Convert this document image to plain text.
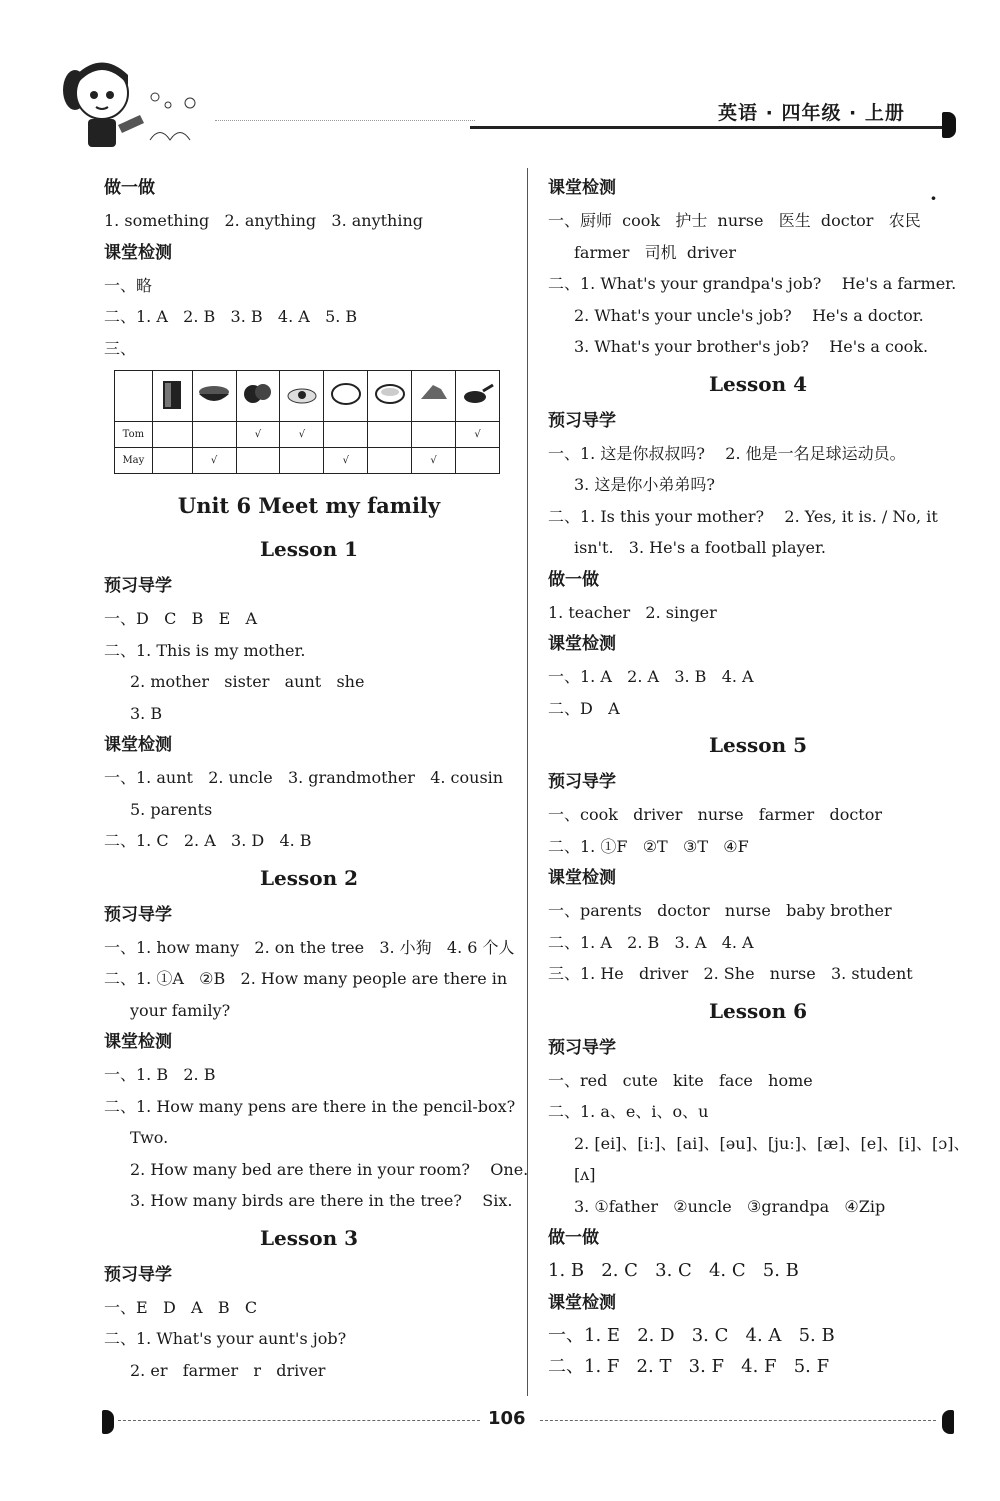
英语 · 四年级 · 上册
·
做一做
1. something   2. anything   3. anything
课堂检测
一、略
二、1. A   2. B   3. B   4. A   5. B
三、

Tom			√	√				√
May		√			√		√	
Unit 6 Meet my family
Lesson 1
预习导学
一、D   C   B   E   A
二、1. This is my mother.
2. mother   sister   aunt   she
3. B
课堂检测
一、1. aunt   2. uncle   3. grandmother   4. cousin
5. parents
二、1. C   2. A   3. D   4. B
Lesson 2
预习导学
一、1. how many   2. on the tree   3. 小狗   4. 6 个人
二、1. ①A   ②B   2. How many people are there in
your family?
课堂检测
一、1. B   2. B
二、1. How many pens are there in the pencil-box?
Two.
2. How many bed are there in your room?    One.
3. How many birds are there in the tree?    Six.
Lesson 3
预习导学
一、E   D   A   B   C
二、1. What's your aunt's job?
2. er   farmer   r   driver
课堂检测
一、厨师  cook   护士  nurse   医生  doctor   农民
farmer   司机  driver
二、1. What's your grandpa's job?    He's a farmer.
2. What's your uncle's job?    He's a doctor.
3. What's your brother's job?    He's a cook.
Lesson 4
预习导学
一、1. 这是你叔叔吗?    2. 他是一名足球运动员。
3. 这是你小弟弟吗?
二、1. Is this your mother?    2. Yes, it is. / No, it
isn't.   3. He's a football player.
做一做
1. teacher   2. singer
课堂检测
一、1. A   2. A   3. B   4. A
二、D   A
Lesson 5
预习导学
一、cook   driver   nurse   farmer   doctor
二、1. ①F   ②T   ③T   ④F
课堂检测
一、parents   doctor   nurse   baby brother
二、1. A   2. B   3. A   4. A
三、1. He   driver   2. She   nurse   3. student
Lesson 6
预习导学
一、red   cute   kite   face   home
二、1. a、e、i、o、u
2. [ei]、[iː]、[ai]、[əu]、[juː]、[æ]、[e]、[i]、[ɔ]、
[ʌ]
3. ①father   ②uncle   ③grandpa   ④Zip
做一做
1. B   2. C   3. C   4. C   5. B
课堂检测
一、1. E   2. D   3. C   4. A   5. B
二、1. F   2. T   3. F   4. F   5. F
106
